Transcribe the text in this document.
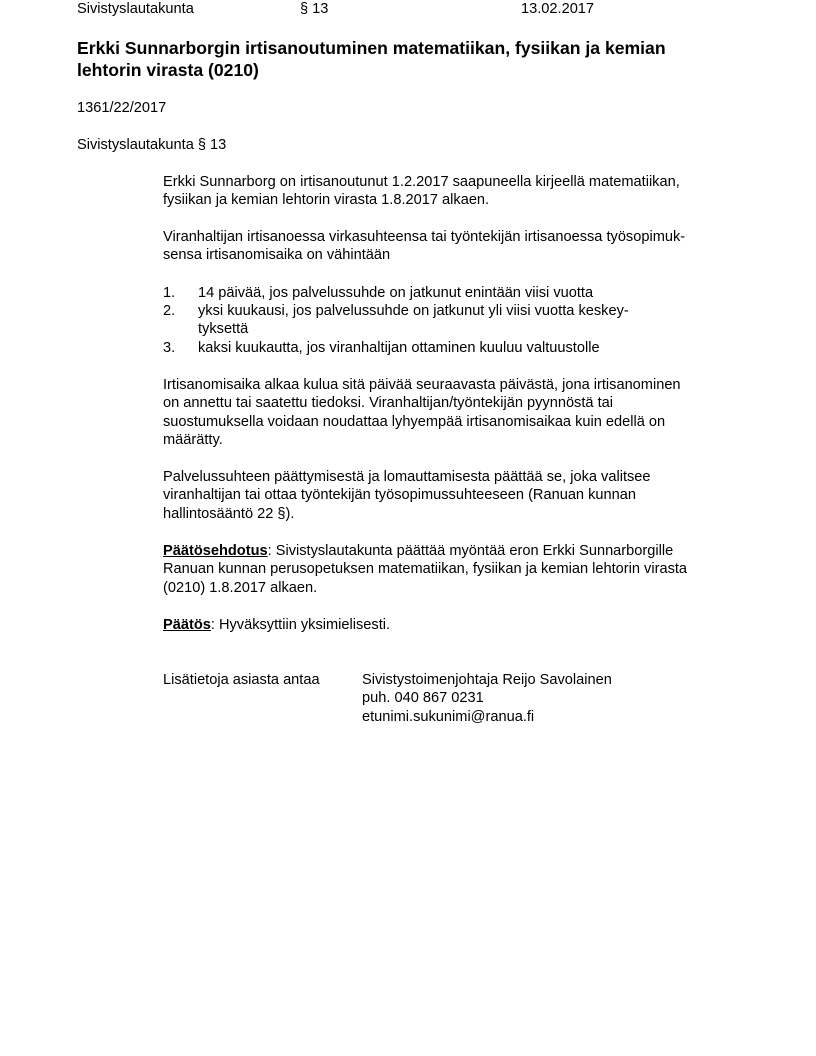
Sivistyslautakunta	§ 13	13.02.2017
Erkki Sunnarborgin irtisanoutuminen matematiikan, fysiikan ja kemian
lehtorin virasta (0210)
1361/22/2017
Sivistyslautakunta § 13
Erkki Sunnarborg on irtisanoutunut 1.2.2017 saapuneella kirjeellä matematiikan,
fysiikan ja kemian lehtorin virasta 1.8.2017 alkaen.
Viranhaltijan irtisanoessa virkasuhteensa tai työntekijän irtisanoessa työsopimuk-
sensa irtisanomisaika on vähintään
1. 14 päivää, jos palvelussuhde on jatkunut enintään viisi vuotta
2. yksi kuukausi, jos palvelussuhde on jatkunut yli viisi vuotta keskey-
tyksettä
3. kaksi kuukautta, jos viranhaltijan ottaminen kuuluu valtuustolle
Irtisanomisaika alkaa kulua sitä päivää seuraavasta päivästä, jona irtisanominen
on annettu tai saatettu tiedoksi. Viranhaltijan/työntekijän pyynnöstä tai
suostumuksella voidaan noudattaa lyhyempää irtisanomisaikaa kuin edellä on
määrätty.
Palvelussuhteen päättymisestä ja lomauttamisesta päättää se, joka valitsee
viranhaltijan tai ottaa työntekijän työsopimussuhteeseen (Ranuan kunnan
hallintosääntö 22 §).
Päätösehdotus: Sivistyslautakunta päättää myöntää eron Erkki Sunnarborgille
Ranuan kunnan perusopetuksen matematiikan, fysiikan ja kemian lehtorin virasta
(0210) 1.8.2017 alkaen.
Päätös: Hyväksyttiin yksimielisesti.
Lisätietoja asiasta antaa	Sivistystoimenjohtaja Reijo Savolainen
puh. 040 867 0231
etunimi.sukunimi@ranua.fi
